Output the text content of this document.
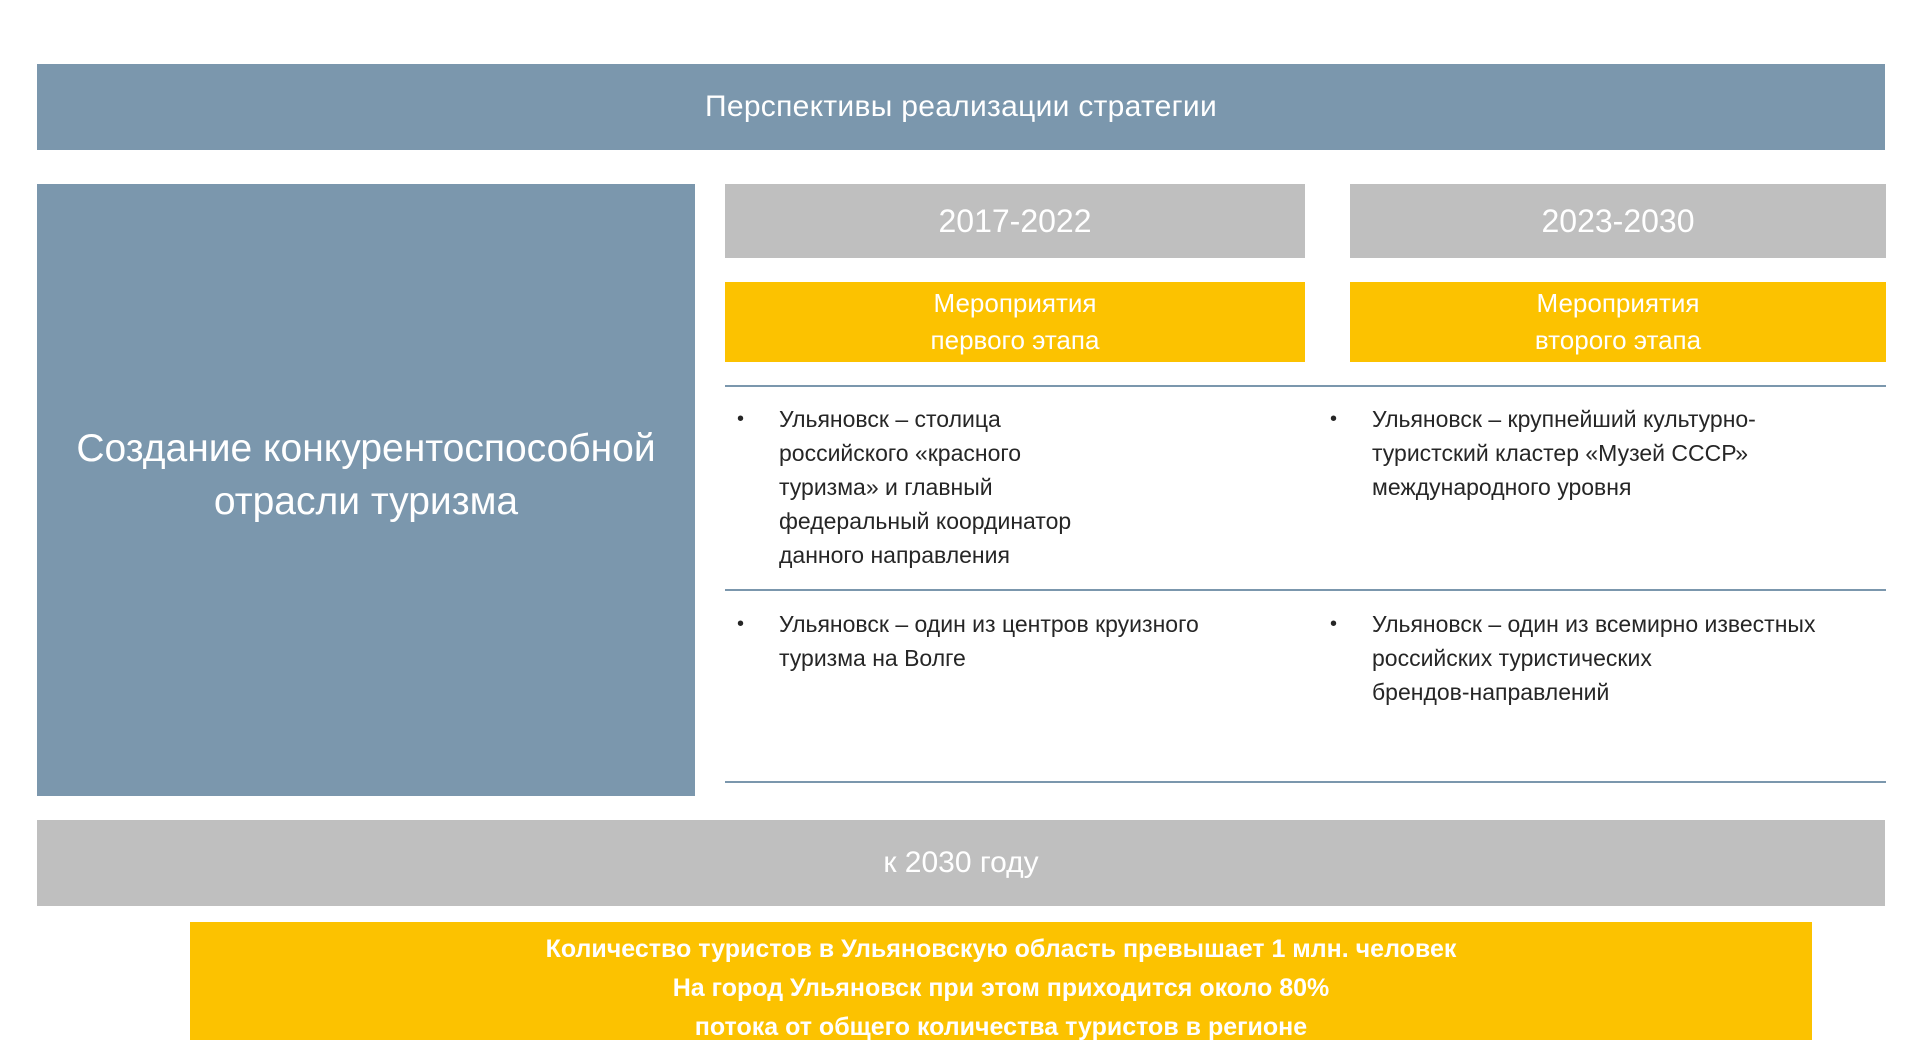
Перспективы реализации стратегии
Создание конкурентоспособной
отрасли туризма
2017-2022	2023-2030
Мероприятия
первого этапа
Мероприятия
второго этапа
• Ульяновск – столица
российского «красного
туризма» и главный
федеральный координатор
данного направления
• Ульяновск – крупнейший культурно-
туристский кластер «Музей СССР»
международного уровня
• Ульяновск – один из центров круизного
туризма на Волге
• Ульяновск – один из всемирно известных
российских туристических
брендов-направлений
к 2030 году
Количество туристов в Ульяновскую область превышает 1 млн. человек
На город Ульяновск при этом приходится около 80%
потока от общего количества туристов в регионе
